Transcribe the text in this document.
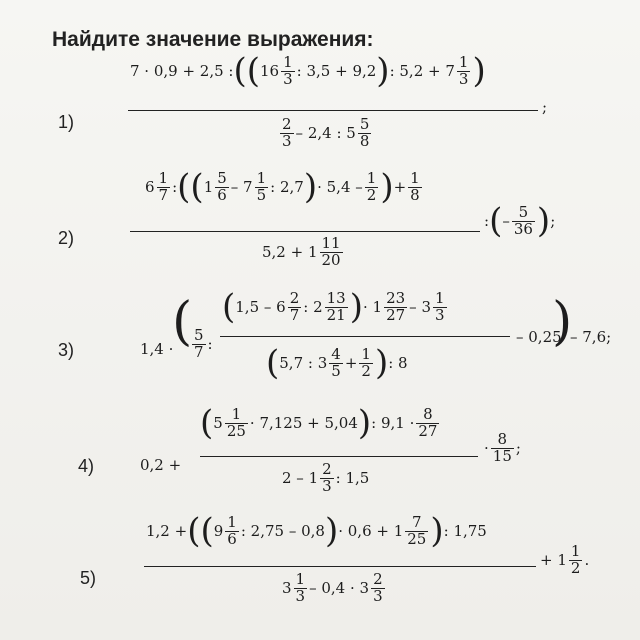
Найдите значение выражения:
1)
7 · 0,9 + 2,5 : (( $16 \frac{1}{3}$ : 3,5 + 9,2 ) : $5,2 + 7 \frac{1}{3}$ )
;
$\frac{2}{3} - 2,4$ : $5 \frac{5}{8}$
2)
$6 \frac{1}{7}$ : (( $1 \frac{5}{6} - 7 \frac{1}{5}$ : 2,7 ) · $5,4 - \frac{1}{2}$ ) + $\frac{1}{8}$
$5,2 + 1 \frac{11}{20}$
: ( – $\frac{5}{36}$ ) ;
3)	1,4 ·
( $\frac{5}{7}$ :
( $1,5 - 6 \frac{2}{7}$ : $2 \frac{13}{21}$ ) · $1 \frac{23}{27} - 3 \frac{1}{3}$
( 5,7 : $3 \frac{4}{5} + \frac{1}{2}$ ) : 8
– 0,25
)
– 7,6;
4)	0,2 +
( $5 \frac{1}{25} \cdot 7,125 + 5,04$ ) : $9,1 \cdot \frac{8}{27}$
$2 - 1 \frac{2}{3}$ : 1,5
· $\frac{8}{15}$ ;
5)
1,2 + (( $9 \frac{1}{6}$ : 2,75 – 0,8 ) · $0,6 + 1 \frac{7}{25}$ ) : 1,75
$3 \frac{1}{3} - 0,4 \cdot 3 \frac{2}{3}$
+ $1 \frac{1}{2}$ .
